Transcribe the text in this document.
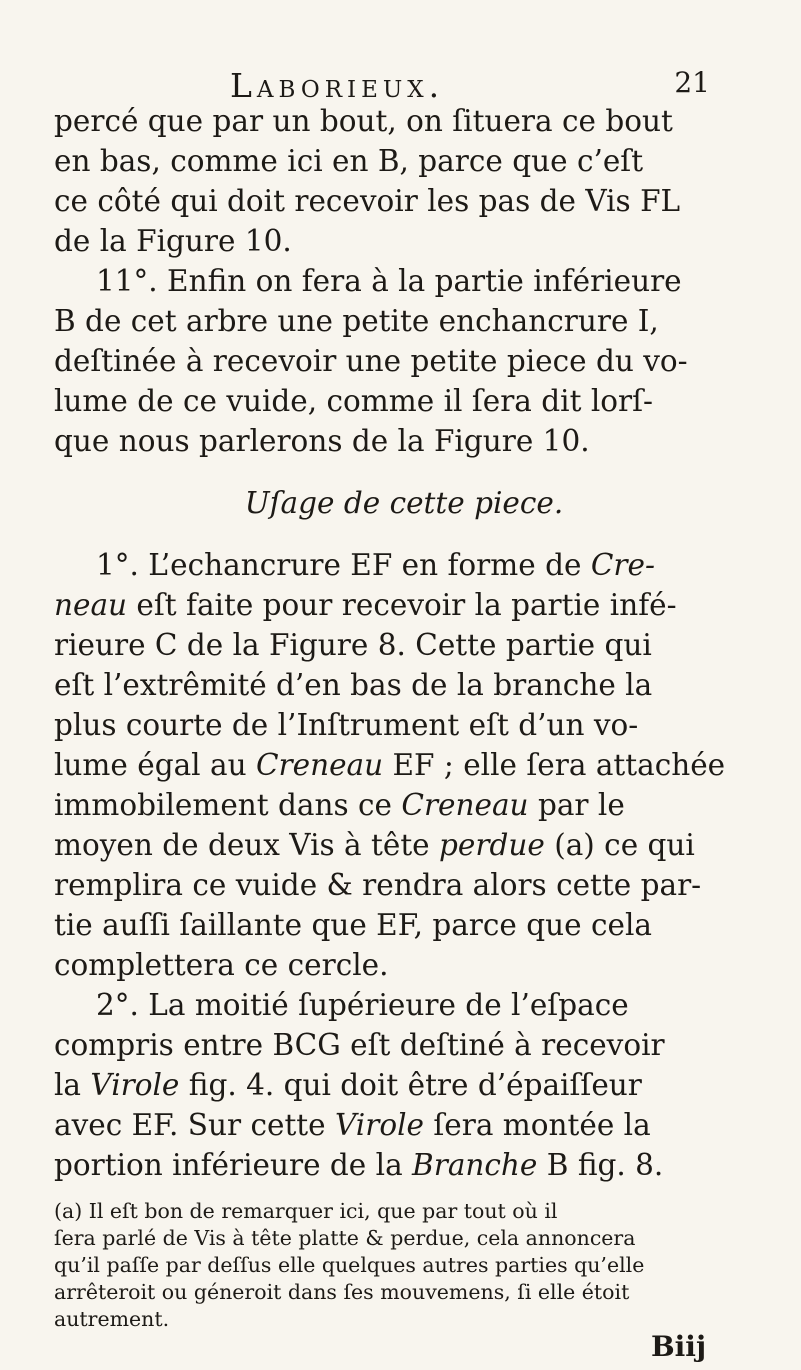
Laborieux.	21
percé que par un bout, on ſituera ce bout
en bas, comme ici en B, parce que c’eſt
ce côté qui doit recevoir les pas de Vis FL
de la Figure 10.
11°. Enfin on fera à la partie inférieure
B de cet arbre une petite enchancrure I,
deſtinée à recevoir une petite piece du vo-
lume de ce vuide, comme il ſera dit lorſ-
que nous parlerons de la Figure 10.
Uſage de cette piece.
1°. L’echancrure EF en forme de Cre-
neau eſt faite pour recevoir la partie infé-
rieure C de la Figure 8. Cette partie qui
eſt l’extrêmité d’en bas de la branche la
plus courte de l’Inſtrument eſt d’un vo-
lume égal au Creneau EF ; elle ſera attachée
immobilement dans ce Creneau par le
moyen de deux Vis à tête perdue (a) ce qui
remplira ce vuide & rendra alors cette par-
tie auſſi ſaillante que EF, parce que cela
complettera ce cercle.
2°. La moitié ſupérieure de l’eſpace
compris entre BCG eſt deſtiné à recevoir
la Virole fig. 4. qui doit être d’épaiſſeur
avec EF. Sur cette Virole ſera montée la
portion inférieure de la Branche B fig. 8.
(a) Il eſt bon de remarquer ici, que par tout où il
ſera parlé de Vis à tête platte & perdue, cela annoncera
qu’il paſſe par deſſus elle quelques autres parties qu’elle
arrêteroit ou géneroit dans ſes mouvemens, ſi elle étoit
autrement.
Biij
